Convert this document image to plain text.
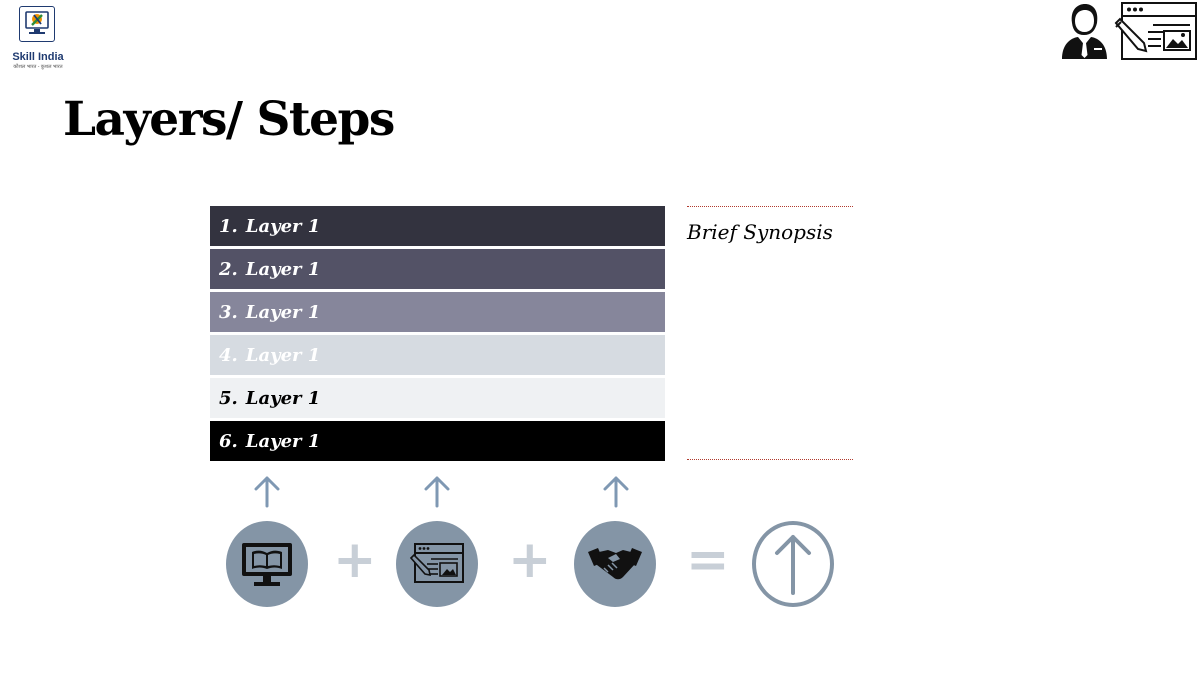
Skill India
कौशल भारत - कुशल भारत
Layers/ Steps
1. Layer 1
2. Layer 1
3. Layer 1
4. Layer 1
5. Layer 1
6. Layer 1
Brief Synopsis
+	+	=
